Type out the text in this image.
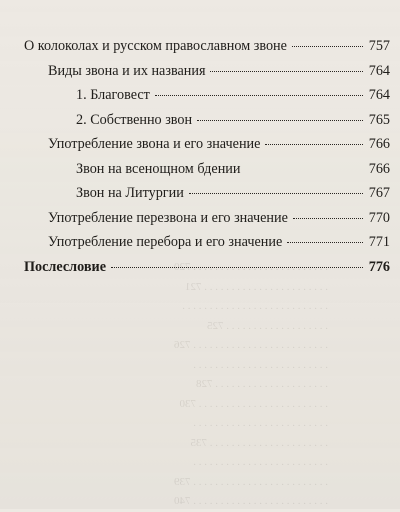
. . . . . . . . . . . . . . . . . . . . . . . . . 720
. . . . . . . . . . . . . . . . . . . . . . . 721
. . . . . . . . . . . . . . . . . . . . . . . . . . .
. . . . . . . . . . . . . . . . . . . 725
. . . . . . . . . . . . . . . . . . . . . . . . . 726
. . . . . . . . . . . . . . . . . . . . . . . . .
. . . . . . . . . . . . . . . . . . . . . 728
. . . . . . . . . . . . . . . . . . . . . . . . 730
. . . . . . . . . . . . . . . . . . . . . . . . .
. . . . . . . . . . . . . . . . . . . . . . 735
. . . . . . . . . . . . . . . . . . . . . . . . .
. . . . . . . . . . . . . . . . . . . . . . . . . 739
. . . . . . . . . . . . . . . . . . . . . . . . . 740
О колоколах и русском православном звоне	757
Виды звона и их названия	764
1. Благовест	764
2. Собственно звон	765
Употребление звона и его значение	766
Звон на всенощном бдении	766
Звон на Литургии	767
Употребление перезвона и его значение	770
Употребление перебора и его значение	771
Послесловие	776
